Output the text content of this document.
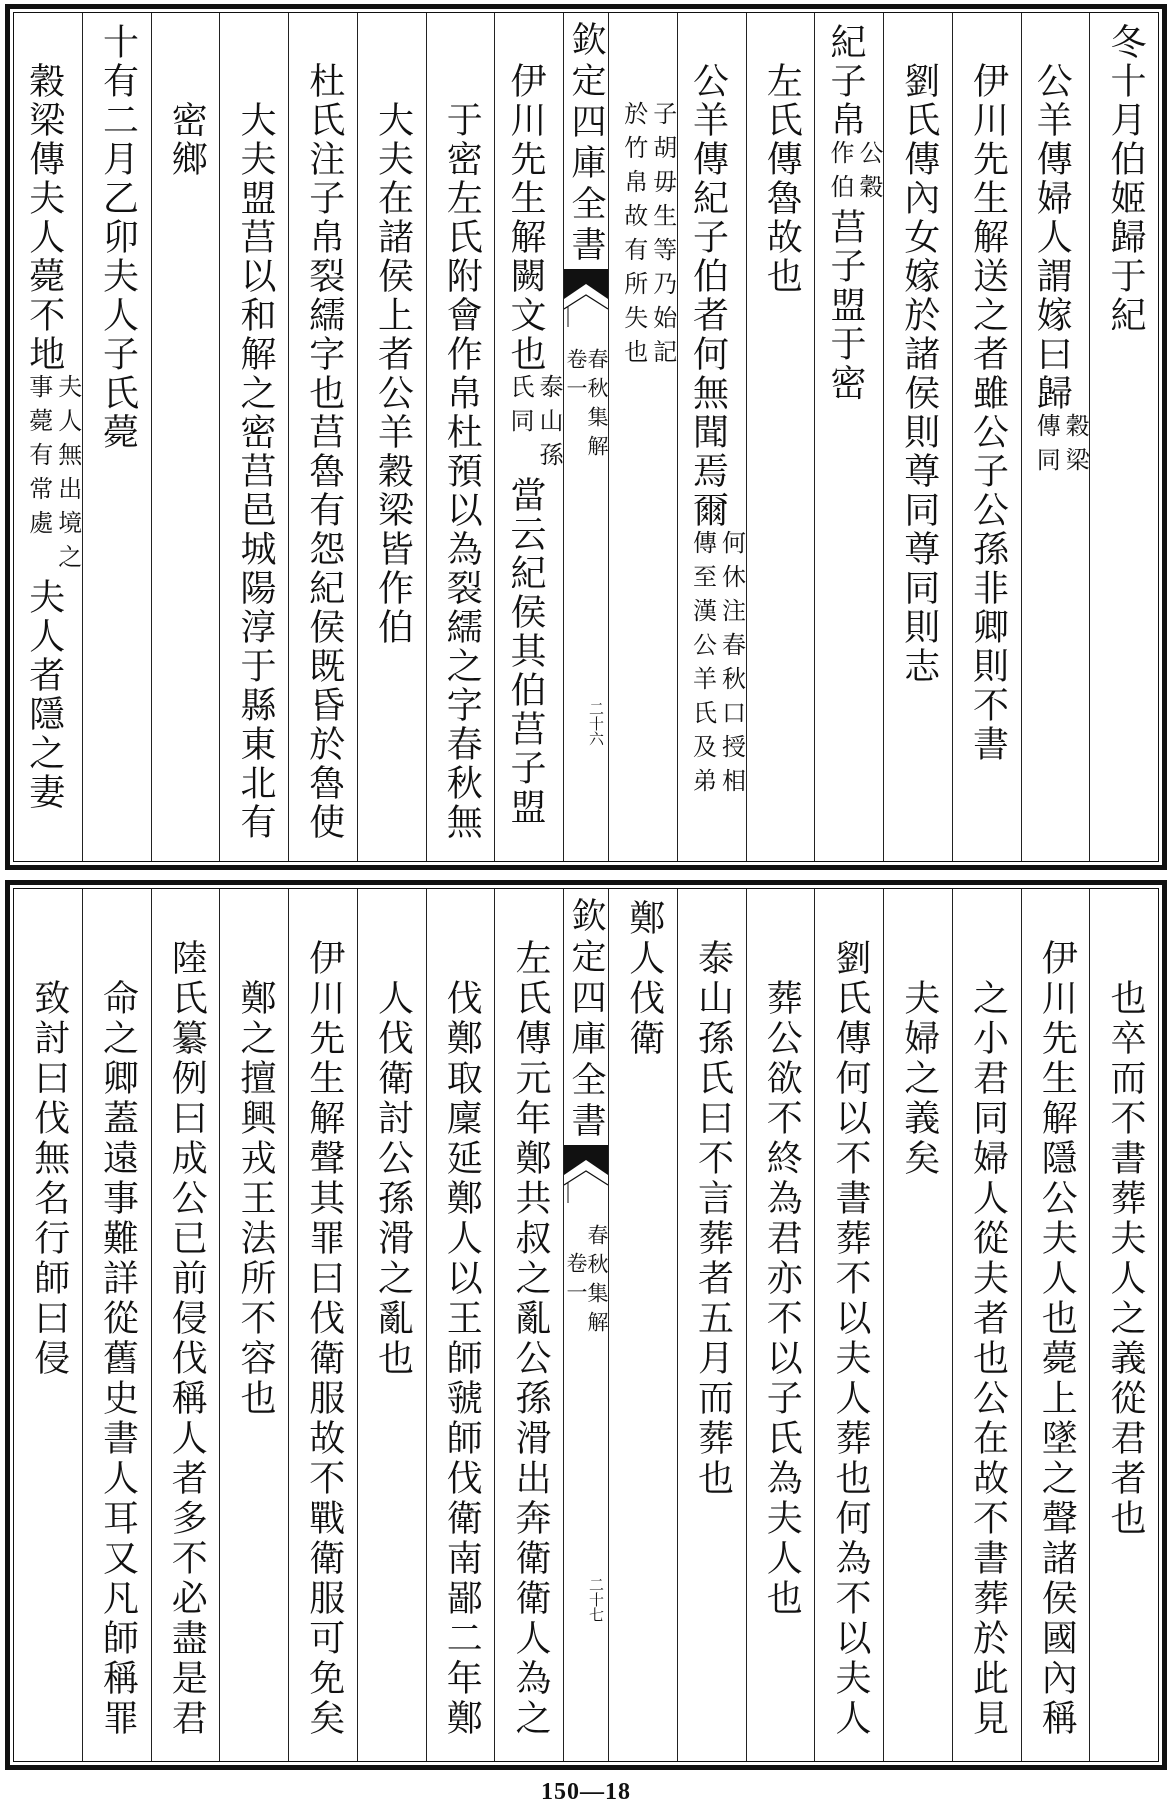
冬十月伯姬歸于紀
公羊傳婦人謂嫁曰歸
穀梁
傳同
伊川先生解送之者雖公子公孫非卿則不書
劉氏傳內女嫁於諸侯則尊同尊同則志
紀子帛
公穀
作伯
莒子盟于密
左氏傳魯故也
公羊傳紀子伯者何無聞焉爾
何休注春秋口授相
傳至漢公羊氏及弟
子胡毋生等乃始記
於竹帛故有所失也
欽定四庫全書
春秋集解
卷一
二十六
伊川先生解闕文也
泰山孫
氏同
當云紀侯其伯莒子盟
于密左氏附會作帛杜預以為裂繻之字春秋無
大夫在諸侯上者公羊穀梁皆作伯
杜氏注子帛裂繻字也莒魯有怨紀侯既昏於魯使
大夫盟莒以和解之密莒邑城陽淳于縣東北有
密鄉
十有二月乙卯夫人子氏薨
穀梁傳夫人薨不地
夫人無出境之
事薨有常處
夫人者隱之妻
也卒而不書葬夫人之義從君者也
伊川先生解隱公夫人也薨上墜之聲諸侯國內稱
之小君同婦人從夫者也公在故不書葬於此見
夫婦之義矣
劉氏傳何以不書葬不以夫人葬也何為不以夫人
葬公欲不終為君亦不以子氏為夫人也
泰山孫氏曰不言葬者五月而葬也
鄭人伐衛
欽定四庫全書
春秋集解
卷一
二十七
左氏傳元年鄭共叔之亂公孫滑出奔衛衛人為之
伐鄭取廩延鄭人以王師虢師伐衛南鄙二年鄭
人伐衛討公孫滑之亂也
伊川先生解聲其罪曰伐衛服故不戰衛服可免矣
鄭之擅興戎王法所不容也
陸氏纂例曰成公已前侵伐稱人者多不必盡是君
命之卿蓋遠事難詳從舊史書人耳又凡師稱罪
致討曰伐無名行師曰侵
150—18
